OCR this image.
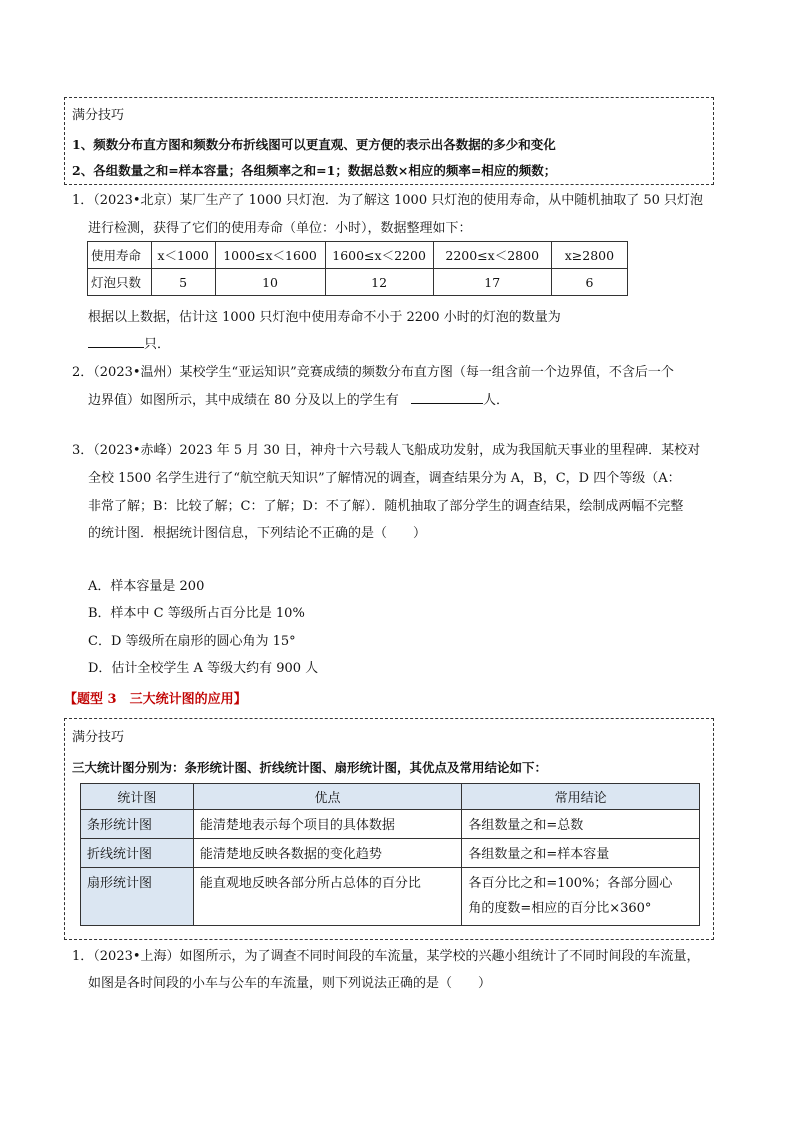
满分技巧
1、频数分布直方图和频数分布折线图可以更直观、更方便的表示出各数据的多少和变化
2、各组数量之和=样本容量；各组频率之和=1；数据总数×相应的频率=相应的频数；
1．（2023•北京）某厂生产了 1000 只灯泡．为了解这 1000 只灯泡的使用寿命，从中随机抽取了 50 只灯泡
进行检测，获得了它们的使用寿命（单位：小时），数据整理如下：
使用寿命	x＜1000	1000≤x＜1600	1600≤x＜2200	2200≤x＜2800	x≥2800
灯泡只数	5	10	12	17	6
根据以上数据，估计这 1000 只灯泡中使用寿命不小于 2200 小时的灯泡的数量为
只．
2．（2023•温州）某校学生“亚运知识”竞赛成绩的频数分布直方图（每一组含前一个边界值，不含后一个
边界值）如图所示，其中成绩在 80 分及以上的学生有	人．
3．（2023•赤峰）2023 年 5 月 30 日，神舟十六号载人飞船成功发射，成为我国航天事业的里程碑．某校对
全校 1500 名学生进行了“航空航天知识”了解情况的调查，调查结果分为 A，B，C，D 四个等级（A：
非常了解；B：比较了解；C：了解；D：不了解）．随机抽取了部分学生的调查结果，绘制成两幅不完整
的统计图．根据统计图信息，下列结论不正确的是（　　）
A．样本容量是 200
B．样本中 C 等级所占百分比是 10%
C．D 等级所在扇形的圆心角为 15°
D．估计全校学生 A 等级大约有 900 人
【题型 3　三大统计图的应用】
满分技巧
三大统计图分别为：条形统计图、折线统计图、扇形统计图，其优点及常用结论如下：
统计图	优点	常用结论
条形统计图	能清楚地表示每个项目的具体数据	各组数量之和=总数
折线统计图	能清楚地反映各数据的变化趋势	各组数量之和=样本容量
扇形统计图	能直观地反映各部分所占总体的百分比	各百分比之和=100%；各部分圆心
角的度数=相应的百分比×360°
1．（2023•上海）如图所示，为了调查不同时间段的车流量，某学校的兴趣小组统计了不同时间段的车流量，
如图是各时间段的小车与公车的车流量，则下列说法正确的是（　　）
